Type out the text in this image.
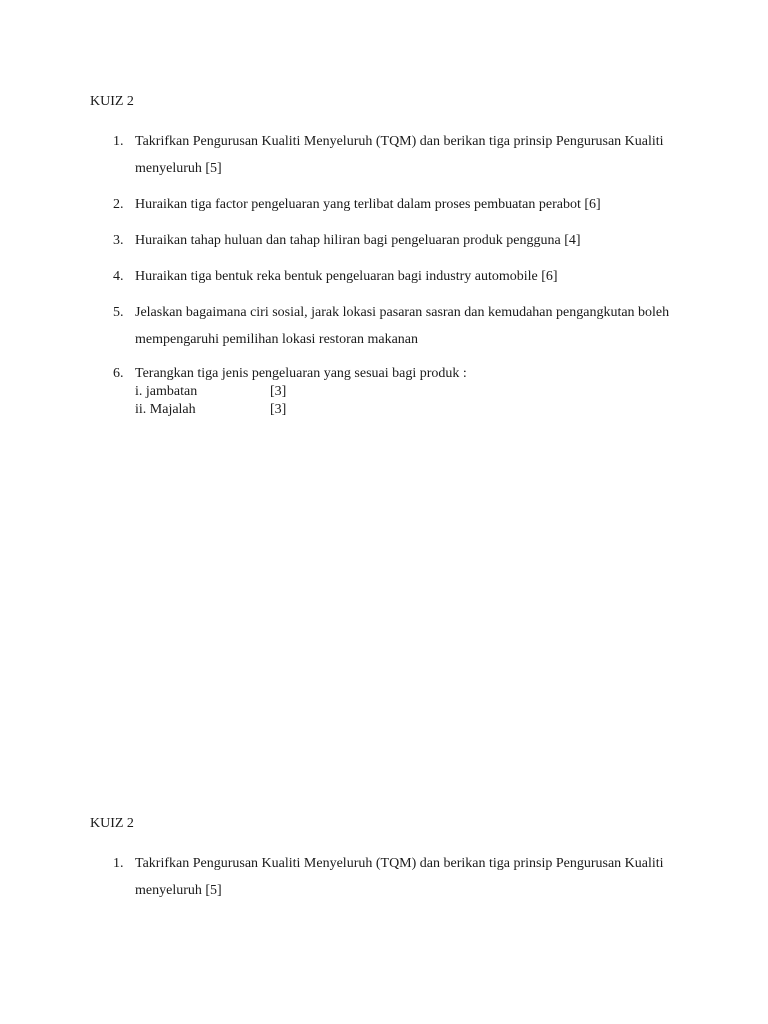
KUIZ 2
1. Takrifkan Pengurusan Kualiti Menyeluruh (TQM) dan berikan tiga prinsip Pengurusan Kualiti menyeluruh [5]
2. Huraikan tiga factor pengeluaran yang terlibat dalam proses pembuatan perabot [6]
3. Huraikan tahap huluan dan tahap hiliran bagi pengeluaran produk pengguna [4]
4. Huraikan tiga bentuk reka bentuk pengeluaran bagi industry automobile [6]
5. Jelaskan bagaimana ciri sosial, jarak lokasi pasaran sasran dan kemudahan pengangkutan boleh mempengaruhi pemilihan lokasi restoran makanan
6. Terangkan tiga jenis pengeluaran yang sesuai bagi produk :
i. jambatan	[3]
ii. Majalah	[3]
KUIZ 2
1. Takrifkan Pengurusan Kualiti Menyeluruh (TQM) dan berikan tiga prinsip Pengurusan Kualiti menyeluruh [5]
